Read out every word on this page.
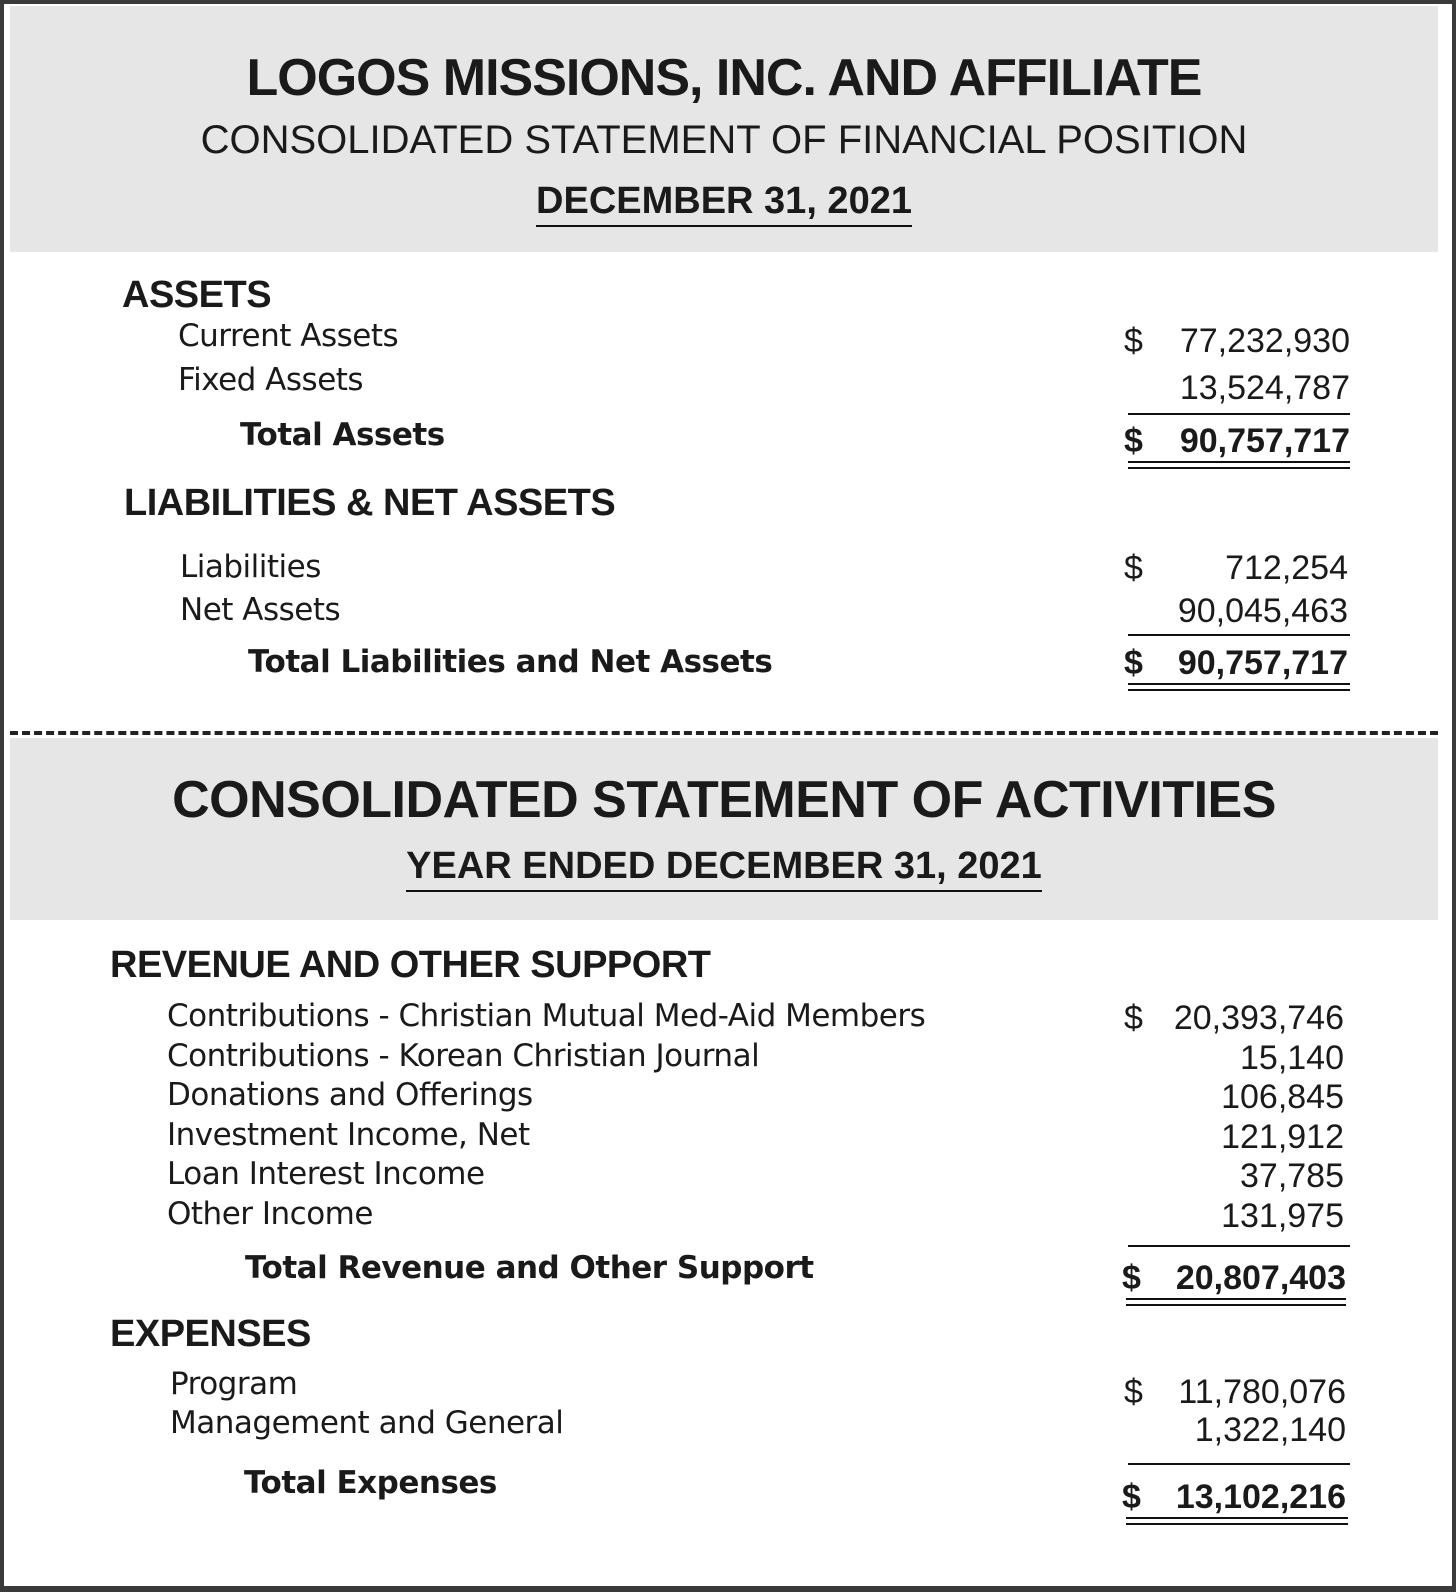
LOGOS MISSIONS, INC. AND AFFILIATE
CONSOLIDATED STATEMENT OF FINANCIAL POSITION
DECEMBER 31, 2021
ASSETS
Current Assets	$	77,232,930
Fixed Assets	13,524,787
Total Assets	$	90,757,717
LIABILITIES & NET ASSETS
Liabilities	$	712,254
Net Assets	90,045,463
Total Liabilities and Net Assets	$	90,757,717
CONSOLIDATED STATEMENT OF ACTIVITIES
YEAR ENDED DECEMBER 31, 2021
REVENUE AND OTHER SUPPORT
Contributions - Christian Mutual Med-Aid Members	$ 20,393,746
Contributions - Korean Christian Journal	15,140
Donations and Offerings	106,845
Investment Income, Net	121,912
Loan Interest Income	37,785
Other Income	131,975
Total Revenue and Other Support	$	20,807,403
EXPENSES
Program	$	11,780,076
Management and General	1,322,140
Total Expenses	$	13,102,216
